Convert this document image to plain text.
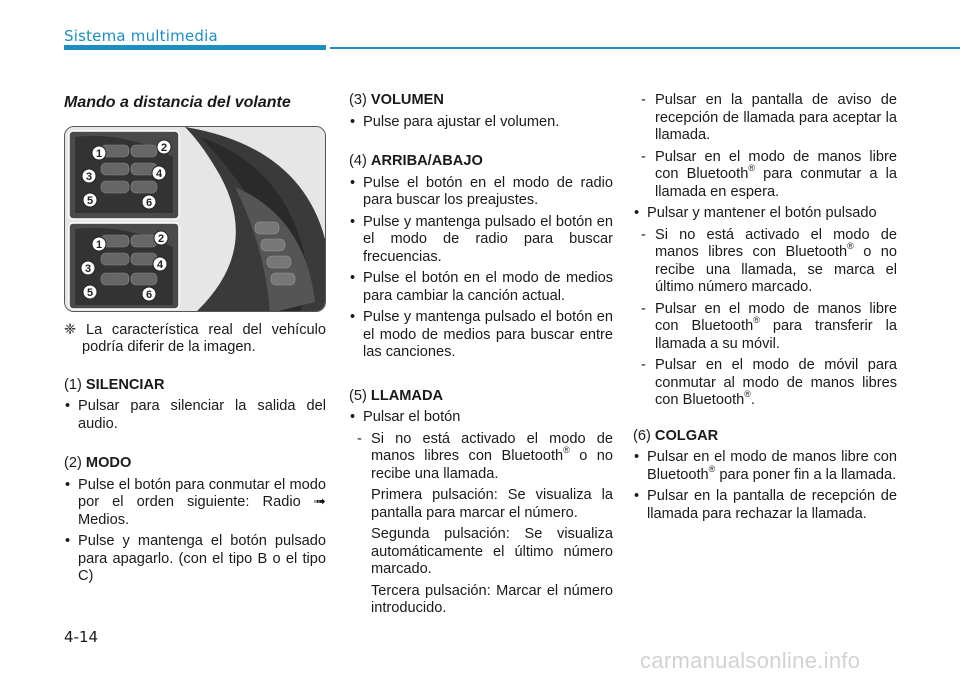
Sistema multimedia
Mando a distancia del volante
1	2
3	4
5	6
1	2
3	4
5	6
❈ La característica real del vehículo podría diferir de la imagen.
(1) SILENCIAR
• Pulsar para silenciar la salida del audio.
(2) MODO
• Pulse el botón para conmutar el modo por el orden siguiente: Radio ➟ Medios.
• Pulse y mantenga el botón pulsado para apagarlo. (con el tipo B o el tipo C)
(3) VOLUMEN
• Pulse para ajustar el volumen.
(4) ARRIBA/ABAJO
• Pulse el botón en el modo de radio para buscar los preajustes.
• Pulse y mantenga pulsado el botón en el modo de radio para buscar frecuencias.
• Pulse el botón en el modo de medios para cambiar la canción actual.
• Pulse y mantenga pulsado el botón en el modo de medios para buscar entre las canciones.
(5) LLAMADA
• Pulsar el botón
- Si no está activado el modo de manos libres con Bluetooth® o no recibe una llamada.
Primera pulsación: Se visualiza la pantalla para marcar el número.
Segunda pulsación: Se visualiza automáticamente el último número marcado.
Tercera pulsación: Marcar el número introducido.
- Pulsar en la pantalla de aviso de recepción de llamada para aceptar la llamada.
- Pulsar en el modo de manos libre con Bluetooth® para conmutar a la llamada en espera.
• Pulsar y mantener el botón pulsado
- Si no está activado el modo de manos libres con Bluetooth® o no recibe una llamada, se marca el último número marcado.
- Pulsar en el modo de manos libre con Bluetooth® para transferir la llamada a su móvil.
- Pulsar en el modo de móvil para conmutar al modo de manos libres con Bluetooth®.
(6) COLGAR
• Pulsar en el modo de manos libre con Bluetooth® para poner fin a la llamada.
• Pulsar en la pantalla de recepción de llamada para rechazar la llamada.
4-14
carmanualsonline.info
